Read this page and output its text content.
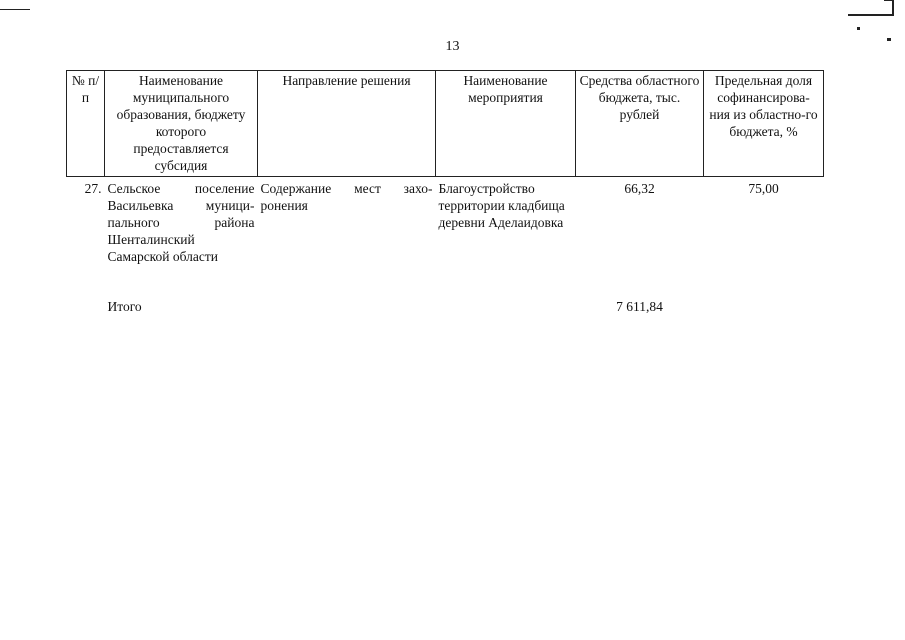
13
№ п/п	Наименование муниципального образования, бюджету которого предоставляется субсидия	Направление решения	Наименование мероприятия	Средства областного бюджета, тыс. рублей	Предельная доля софинансирова-ния из областно-го бюджета, %
27.	Сельское поселение Васильевка муници-пального района Шенталинский Самарской области	Содержание мест захо-ронения	Благоустройство территории кладбища деревни Аделаидовка	66,32	75,00
	Итого			7 611,84	
